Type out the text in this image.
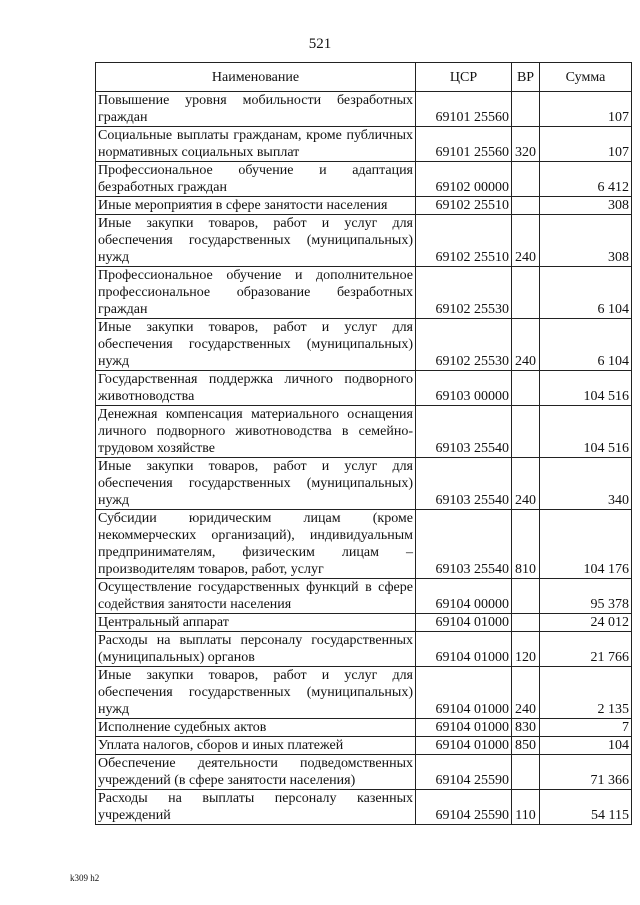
521
Наименование	ЦСР	ВР	Сумма
Повышение уровня мобильности безработных граждан	69101 25560		107
Социальные выплаты гражданам, кроме публичных нормативных социальных выплат	69101 25560	320	107
Профессиональное обучение и адаптация безработных граждан	69102 00000		6 412
Иные мероприятия в сфере занятости населения	69102 25510		308
Иные закупки товаров, работ и услуг для обеспечения государственных (муниципальных) нужд	69102 25510	240	308
Профессиональное обучение и дополнительное профессиональное образование безработных граждан	69102 25530		6 104
Иные закупки товаров, работ и услуг для обеспечения государственных (муниципальных) нужд	69102 25530	240	6 104
Государственная поддержка личного подворного животноводства	69103 00000		104 516
Денежная компенсация материального оснащения личного подворного животноводства в семейно-трудовом хозяйстве	69103 25540		104 516
Иные закупки товаров, работ и услуг для обеспечения государственных (муниципальных) нужд	69103 25540	240	340
Субсидии юридическим лицам (кроме некоммерческих организаций), индивидуальным предпринимателям, физическим лицам – производителям товаров, работ, услуг	69103 25540	810	104 176
Осуществление государственных функций в сфере содействия занятости населения	69104 00000		95 378
Центральный аппарат	69104 01000		24 012
Расходы на выплаты персоналу государственных (муниципальных) органов	69104 01000	120	21 766
Иные закупки товаров, работ и услуг для обеспечения государственных (муниципальных) нужд	69104 01000	240	2 135
Исполнение судебных актов	69104 01000	830	7
Уплата налогов, сборов и иных платежей	69104 01000	850	104
Обеспечение деятельности подведомственных учреждений (в сфере занятости населения)	69104 25590		71 366
Расходы на выплаты персоналу казенных учреждений	69104 25590	110	54 115
k309 h2
